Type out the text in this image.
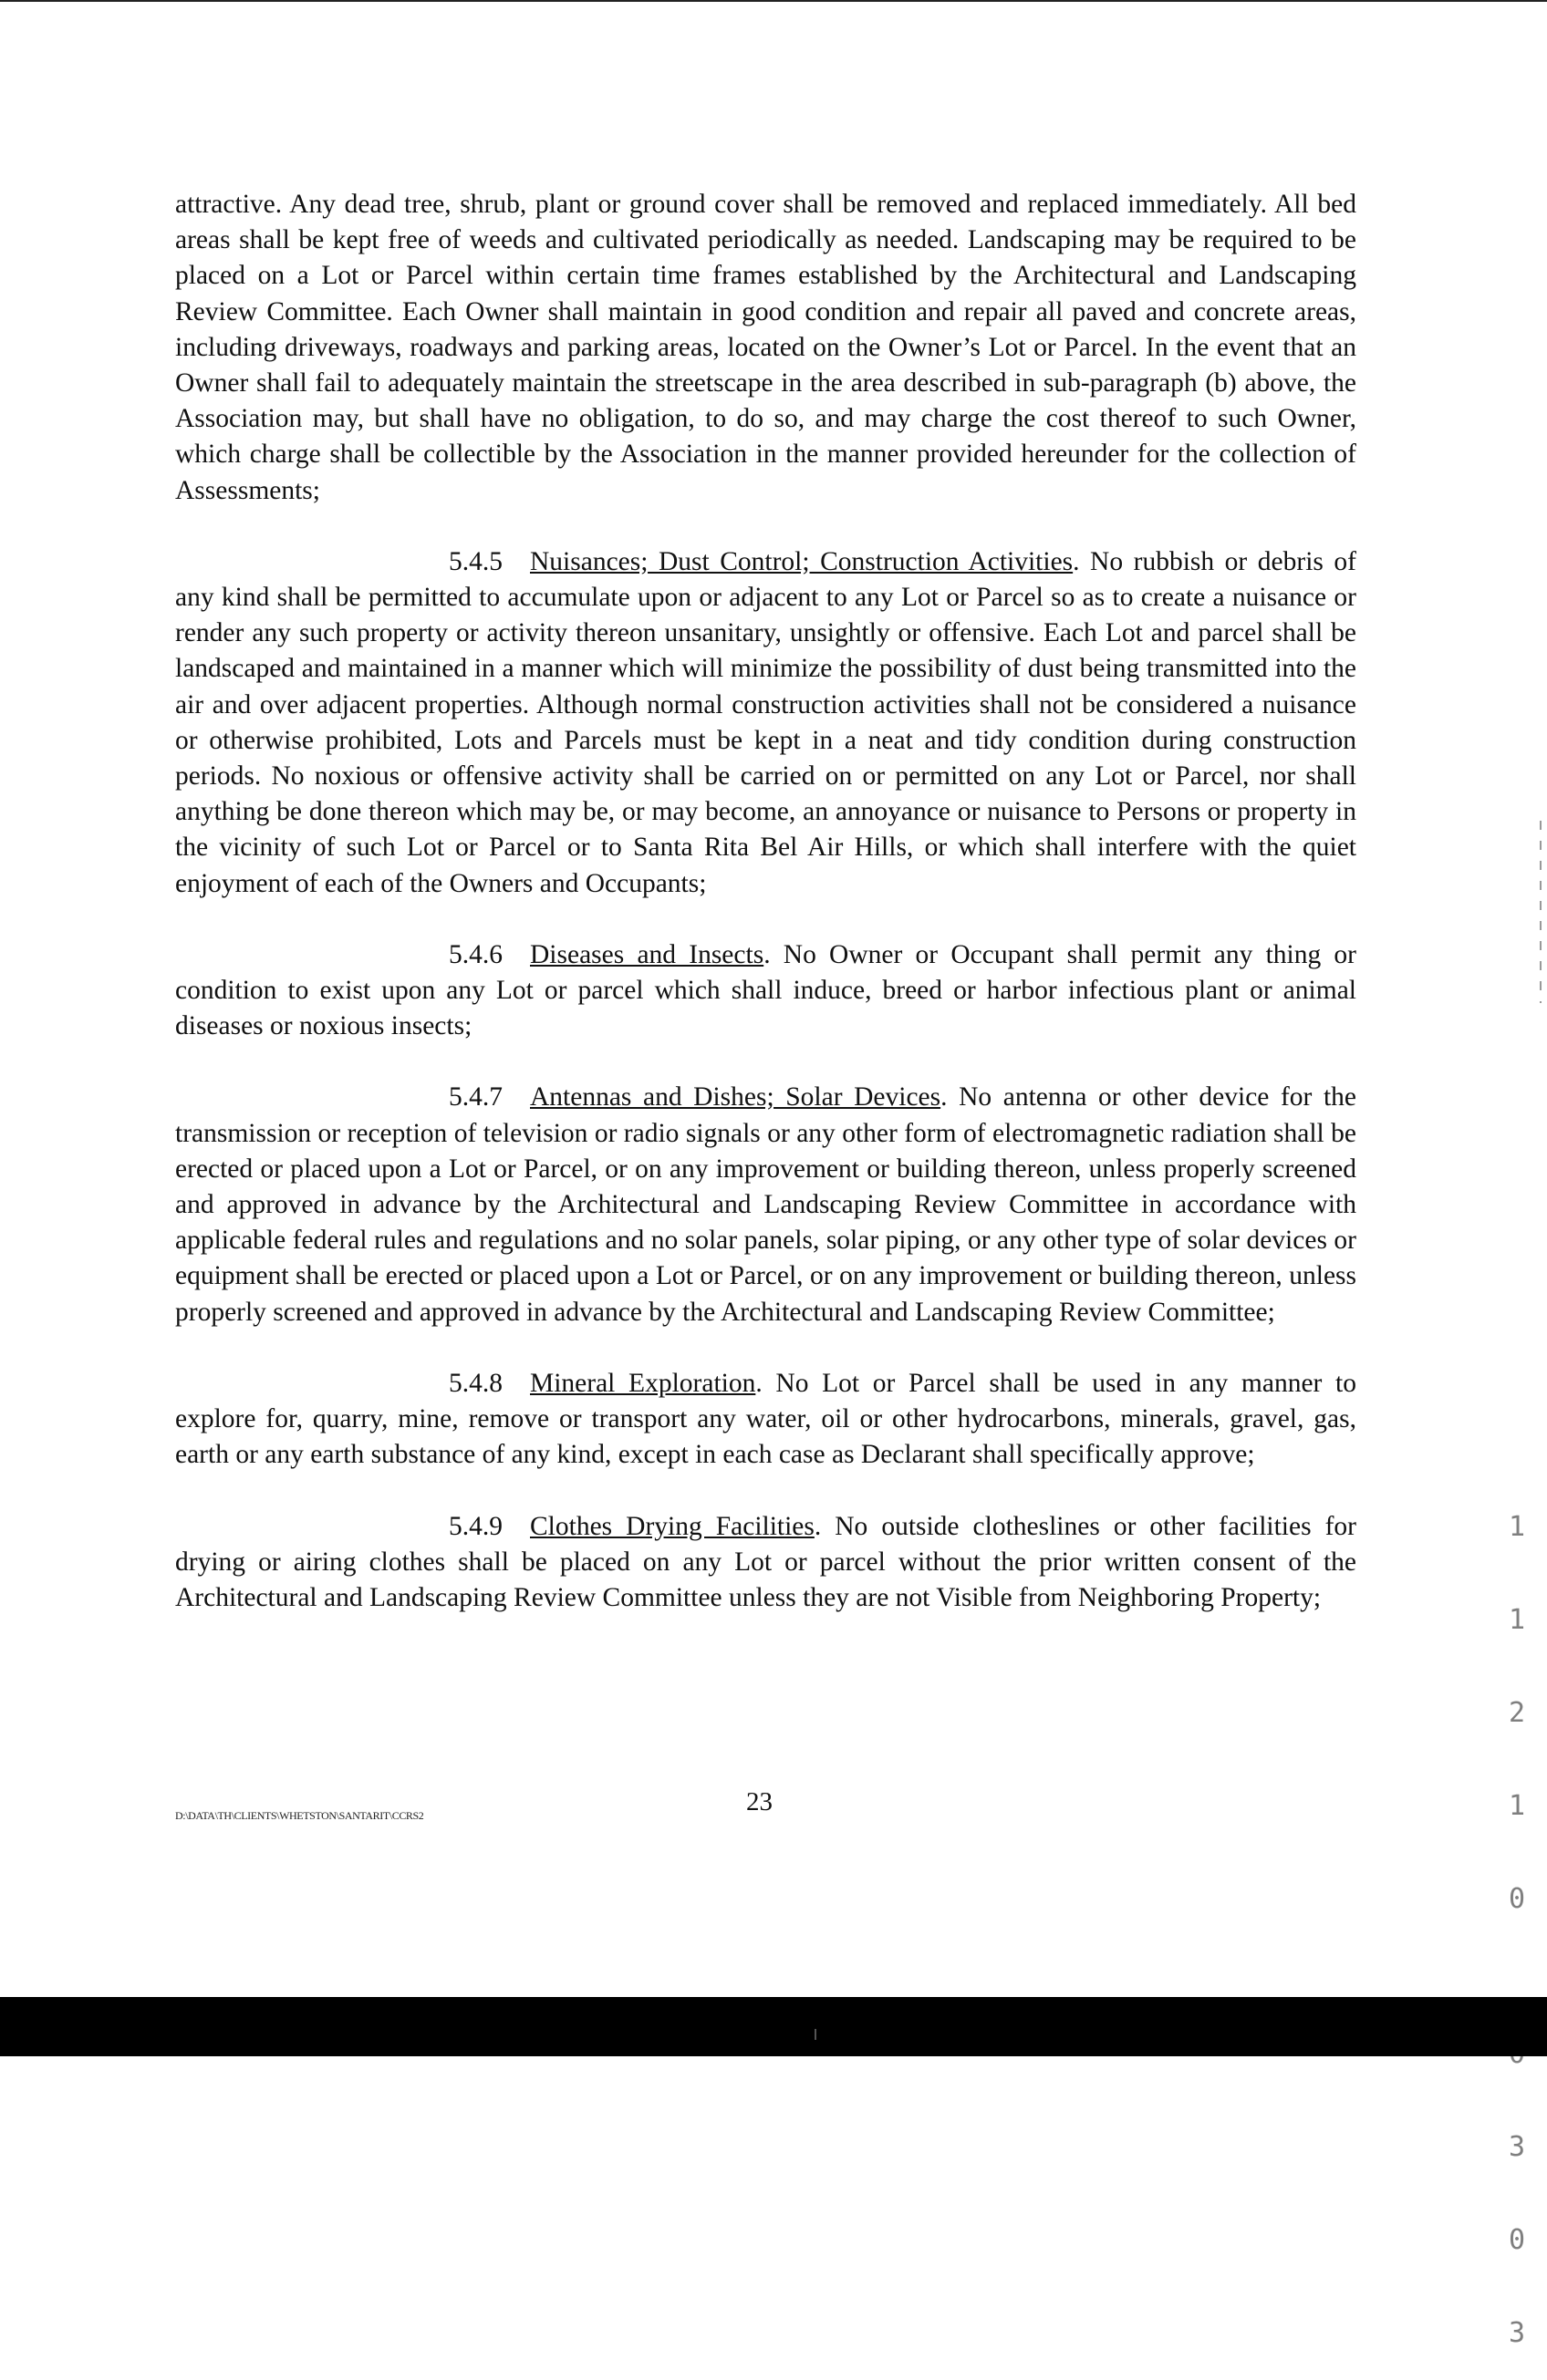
attractive. Any dead tree, shrub, plant or ground cover shall be removed and replaced immediately. All bed areas shall be kept free of weeds and cultivated periodically as needed. Landscaping may be required to be placed on a Lot or Parcel within certain time frames established by the Architectural and Landscaping Review Committee. Each Owner shall maintain in good condition and repair all paved and concrete areas, including driveways, roadways and parking areas, located on the Owner’s Lot or Parcel. In the event that an Owner shall fail to adequately maintain the streetscape in the area described in sub-paragraph (b) above, the Association may, but shall have no obligation, to do so, and may charge the cost thereof to such Owner, which charge shall be collectible by the Association in the manner provided hereunder for the collection of Assessments;

5.4.5 Nuisances; Dust Control; Construction Activities. No rubbish or debris of any kind shall be permitted to accumulate upon or adjacent to any Lot or Parcel so as to create a nuisance or render any such property or activity thereon unsanitary, unsightly or offensive. Each Lot and parcel shall be landscaped and maintained in a manner which will minimize the possibility of dust being transmitted into the air and over adjacent properties. Although normal construction activities shall not be considered a nuisance or otherwise prohibited, Lots and Parcels must be kept in a neat and tidy condition during construction periods. No noxious or offensive activity shall be carried on or permitted on any Lot or Parcel, nor shall anything be done thereon which may be, or may become, an annoyance or nuisance to Persons or property in the vicinity of such Lot or Parcel or to Santa Rita Bel Air Hills, or which shall interfere with the quiet enjoyment of each of the Owners and Occupants;

5.4.6 Diseases and Insects. No Owner or Occupant shall permit any thing or condition to exist upon any Lot or parcel which shall induce, breed or harbor infectious plant or animal diseases or noxious insects;

5.4.7 Antennas and Dishes; Solar Devices. No antenna or other device for the transmission or reception of television or radio signals or any other form of electromagnetic radiation shall be erected or placed upon a Lot or Parcel, or on any improvement or building thereon, unless properly screened and approved in advance by the Architectural and Landscaping Review Committee in accordance with applicable federal rules and regulations and no solar panels, solar piping, or any other type of solar devices or equipment shall be erected or placed upon a Lot or Parcel, or on any improvement or building thereon, unless properly screened and approved in advance by the Architectural and Landscaping Review Committee;

5.4.8 Mineral Exploration. No Lot or Parcel shall be used in any manner to explore for, quarry, mine, remove or transport any water, oil or other hydrocarbons, minerals, gravel, gas, earth or any earth substance of any kind, except in each case as Declarant shall specifically approve;

5.4.9 Clothes Drying Facilities. No outside clotheslines or other facilities for drying or airing clothes shall be placed on any Lot or parcel without the prior written consent of the Architectural and Landscaping Review Committee unless they are not Visible from Neighboring Property;

1

1

2

1

0

3

0

3

D:\DATA\TH\CLIENTS\WHETSTON\SANTARIT\CCRS2	23
